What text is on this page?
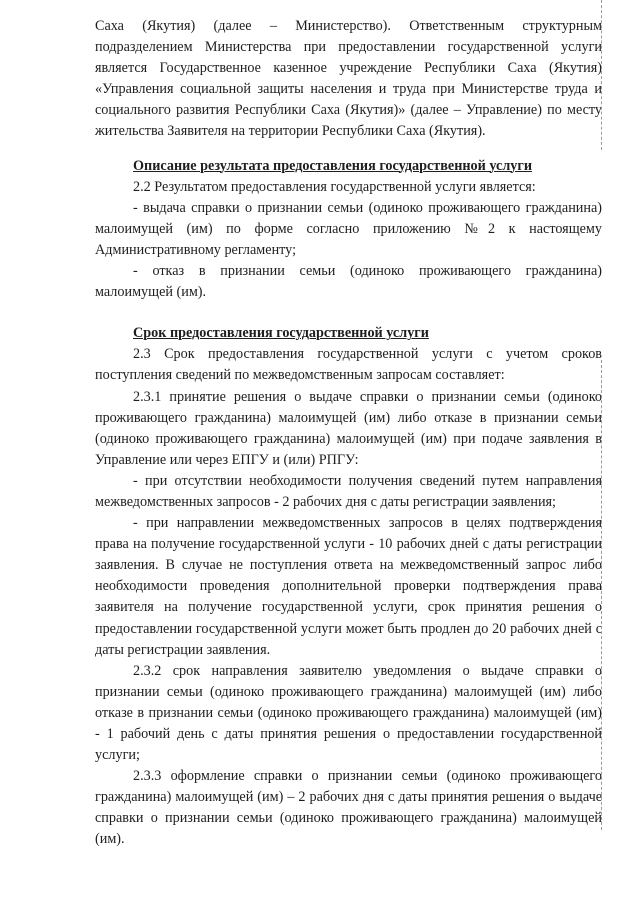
Саха (Якутия) (далее – Министерство). Ответственным структурным подразделением Министерства при предоставлении государственной услуги является Государственное казенное учреждение Республики Саха (Якутия) «Управления социальной защиты населения и труда при Министерстве труда и социального развития Республики Саха (Якутия)» (далее – Управление) по месту жительства Заявителя на территории Республики Саха (Якутия).

Описание результата предоставления государственной услуги

2.2 Результатом предоставления государственной услуги является:

- выдача справки о признании семьи (одиноко проживающего гражданина) малоимущей (им) по форме согласно приложению №2 к настоящему Административному регламенту;

- отказ в признании семьи (одиноко проживающего гражданина) малоимущей (им).

Срок предоставления государственной услуги

2.3 Срок предоставления государственной услуги с учетом сроков поступления сведений по межведомственным запросам составляет:

2.3.1 принятие решения о выдаче справки о признании семьи (одиноко проживающего гражданина) малоимущей (им) либо отказе в признании семьи (одиноко проживающего гражданина) малоимущей (им) при подаче заявления в Управление или через ЕПГУ и (или) РПГУ:

- при отсутствии необходимости получения сведений путем направления межведомственных запросов - 2 рабочих дня с даты регистрации заявления;

- при направлении межведомственных запросов в целях подтверждения права на получение государственной услуги - 10 рабочих дней с даты регистрации заявления. В случае не поступления ответа на межведомственный запрос либо необходимости проведения дополнительной проверки подтверждения права заявителя на получение государственной услуги, срок принятия решения о предоставлении государственной услуги может быть продлен до 20 рабочих дней с даты регистрации заявления.

2.3.2 срок направления заявителю уведомления о выдаче справки о признании семьи (одиноко проживающего гражданина) малоимущей (им) либо отказе в признании семьи (одиноко проживающего гражданина) малоимущей (им) - 1 рабочий день с даты принятия решения о предоставлении государственной услуги;

2.3.3 оформление справки о признании семьи (одиноко проживающего гражданина) малоимущей (им) – 2 рабочих дня с даты принятия решения о выдаче справки о признании семьи (одиноко проживающего гражданина) малоимущей (им).
